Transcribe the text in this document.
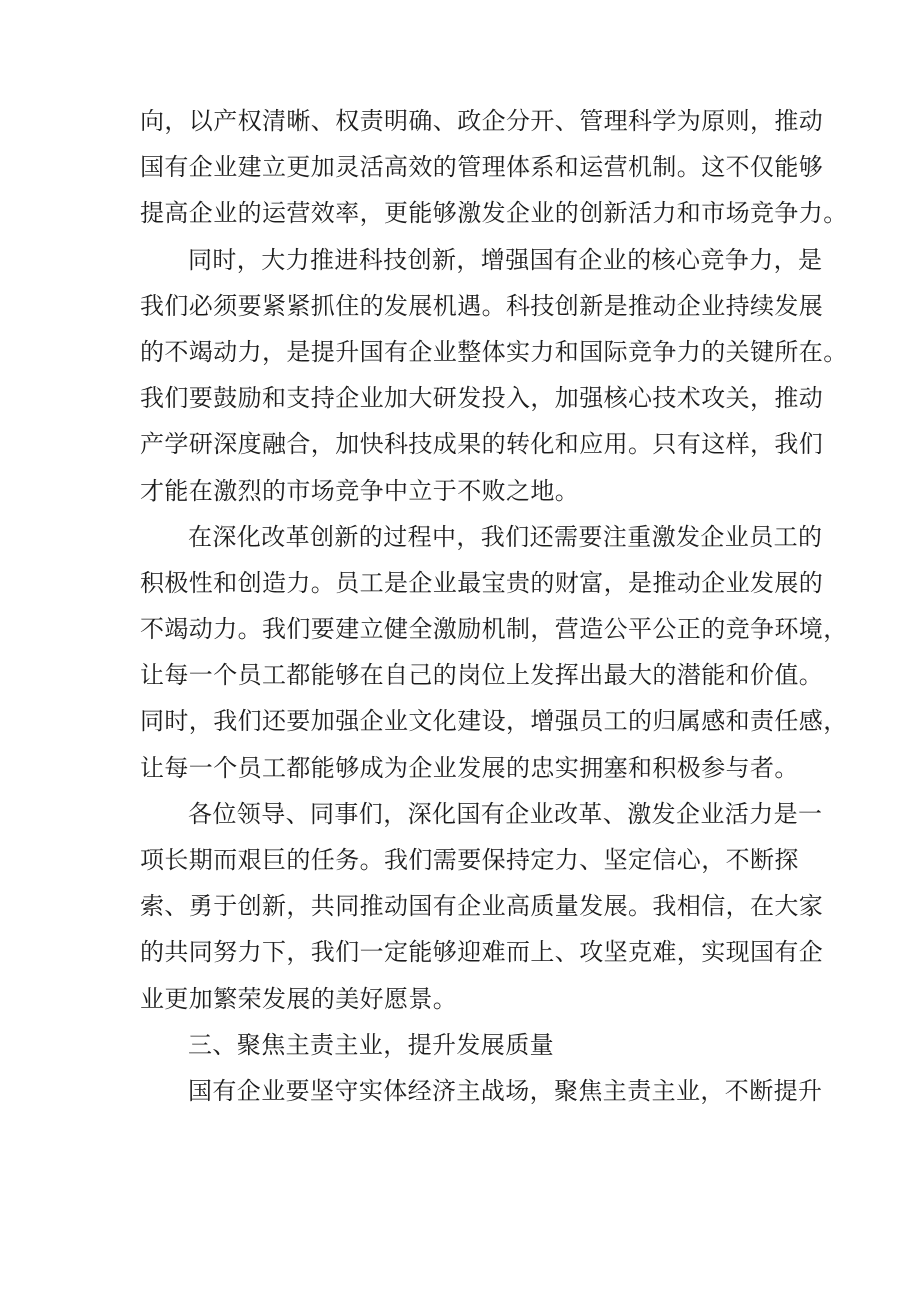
向，以产权清晰、权责明确、政企分开、管理科学为原则，推动
国有企业建立更加灵活高效的管理体系和运营机制。这不仅能够
提高企业的运营效率，更能够激发企业的创新活力和市场竞争力。
同时，大力推进科技创新，增强国有企业的核心竞争力，是
我们必须要紧紧抓住的发展机遇。科技创新是推动企业持续发展
的不竭动力，是提升国有企业整体实力和国际竞争力的关键所在。
我们要鼓励和支持企业加大研发投入，加强核心技术攻关，推动
产学研深度融合，加快科技成果的转化和应用。只有这样，我们
才能在激烈的市场竞争中立于不败之地。
在深化改革创新的过程中，我们还需要注重激发企业员工的
积极性和创造力。员工是企业最宝贵的财富，是推动企业发展的
不竭动力。我们要建立健全激励机制，营造公平公正的竞争环境，
让每一个员工都能够在自己的岗位上发挥出最大的潜能和价值。
同时，我们还要加强企业文化建设，增强员工的归属感和责任感，
让每一个员工都能够成为企业发展的忠实拥塞和积极参与者。
各位领导、同事们，深化国有企业改革、激发企业活力是一
项长期而艰巨的任务。我们需要保持定力、坚定信心，不断探
索、勇于创新，共同推动国有企业高质量发展。我相信，在大家
的共同努力下，我们一定能够迎难而上、攻坚克难，实现国有企
业更加繁荣发展的美好愿景。
三、聚焦主责主业，提升发展质量
国有企业要坚守实体经济主战场，聚焦主责主业，不断提升
